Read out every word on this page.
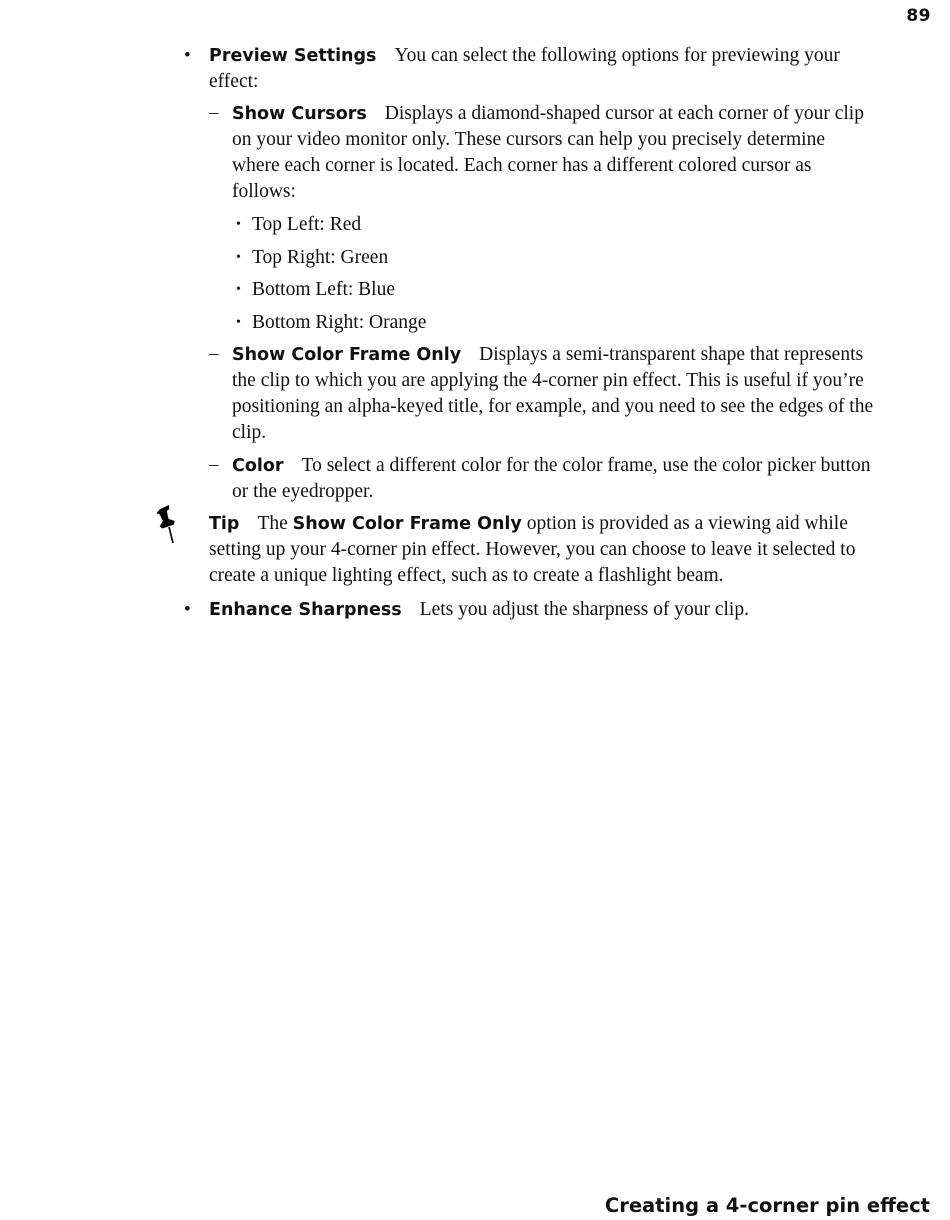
89
• Preview Settings You can select the following options for previewing your effect:
– Show Cursors Displays a diamond-shaped cursor at each corner of your clip on your video monitor only. These cursors can help you precisely determine where each corner is located. Each corner has a different colored cursor as follows:
• Top Left: Red
• Top Right: Green
• Bottom Left: Blue
• Bottom Right: Orange
– Show Color Frame Only Displays a semi-transparent shape that represents the clip to which you are applying the 4-corner pin effect. This is useful if you’re positioning an alpha-keyed title, for example, and you need to see the edges of the clip.
– Color To select a different color for the color frame, use the color picker button or the eyedropper.
Tip The Show Color Frame Only option is provided as a viewing aid while setting up your 4-corner pin effect. However, you can choose to leave it selected to create a unique lighting effect, such as to create a flashlight beam.
• Enhance Sharpness Lets you adjust the sharpness of your clip.
Creating a 4-corner pin effect
